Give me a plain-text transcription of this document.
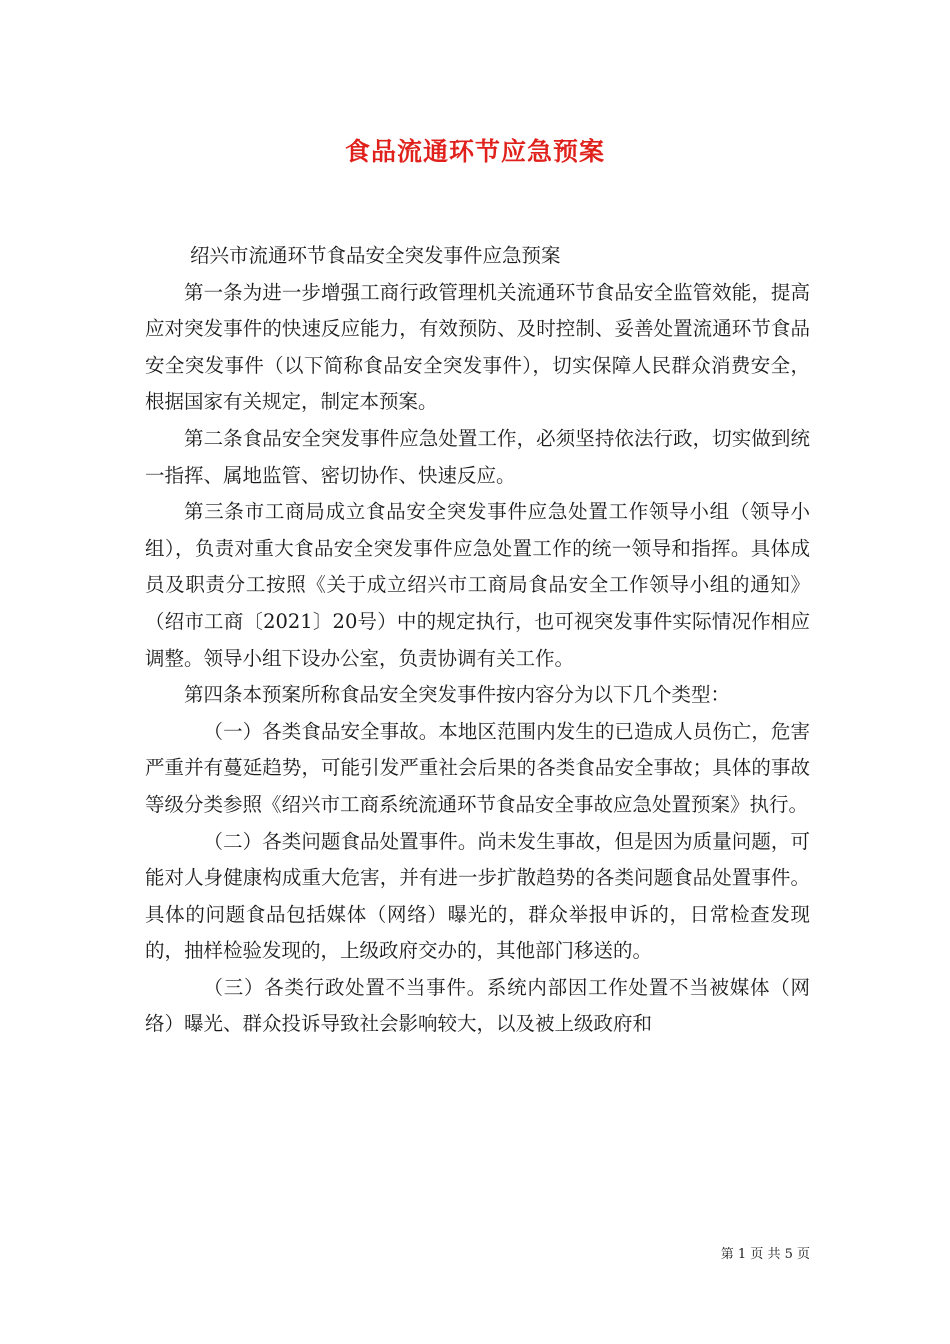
食品流通环节应急预案

绍兴市流通环节食品安全突发事件应急预案

第一条为进一步增强工商行政管理机关流通环节食品安全监管效能，提高应对突发事件的快速反应能力，有效预防、及时控制、妥善处置流通环节食品安全突发事件（以下简称食品安全突发事件），切实保障人民群众消费安全，根据国家有关规定，制定本预案。

第二条食品安全突发事件应急处置工作，必须坚持依法行政，切实做到统一指挥、属地监管、密切协作、快速反应。

第三条市工商局成立食品安全突发事件应急处置工作领导小组（领导小组），负责对重大食品安全突发事件应急处置工作的统一领导和指挥。具体成员及职责分工按照《关于成立绍兴市工商局食品安全工作领导小组的通知》（绍市工商〔2021〕20号）中的规定执行，也可视突发事件实际情况作相应调整。领导小组下设办公室，负责协调有关工作。

第四条本预案所称食品安全突发事件按内容分为以下几个类型：

（一）各类食品安全事故。本地区范围内发生的已造成人员伤亡，危害严重并有蔓延趋势，可能引发严重社会后果的各类食品安全事故；具体的事故等级分类参照《绍兴市工商系统流通环节食品安全事故应急处置预案》执行。

（二）各类问题食品处置事件。尚未发生事故，但是因为质量问题，可能对人身健康构成重大危害，并有进一步扩散趋势的各类问题食品处置事件。具体的问题食品包括媒体（网络）曝光的，群众举报申诉的，日常检查发现的，抽样检验发现的，上级政府交办的，其他部门移送的。

（三）各类行政处置不当事件。系统内部因工作处置不当被媒体（网络）曝光、群众投诉导致社会影响较大，以及被上级政府和

第 1 页 共 5 页
